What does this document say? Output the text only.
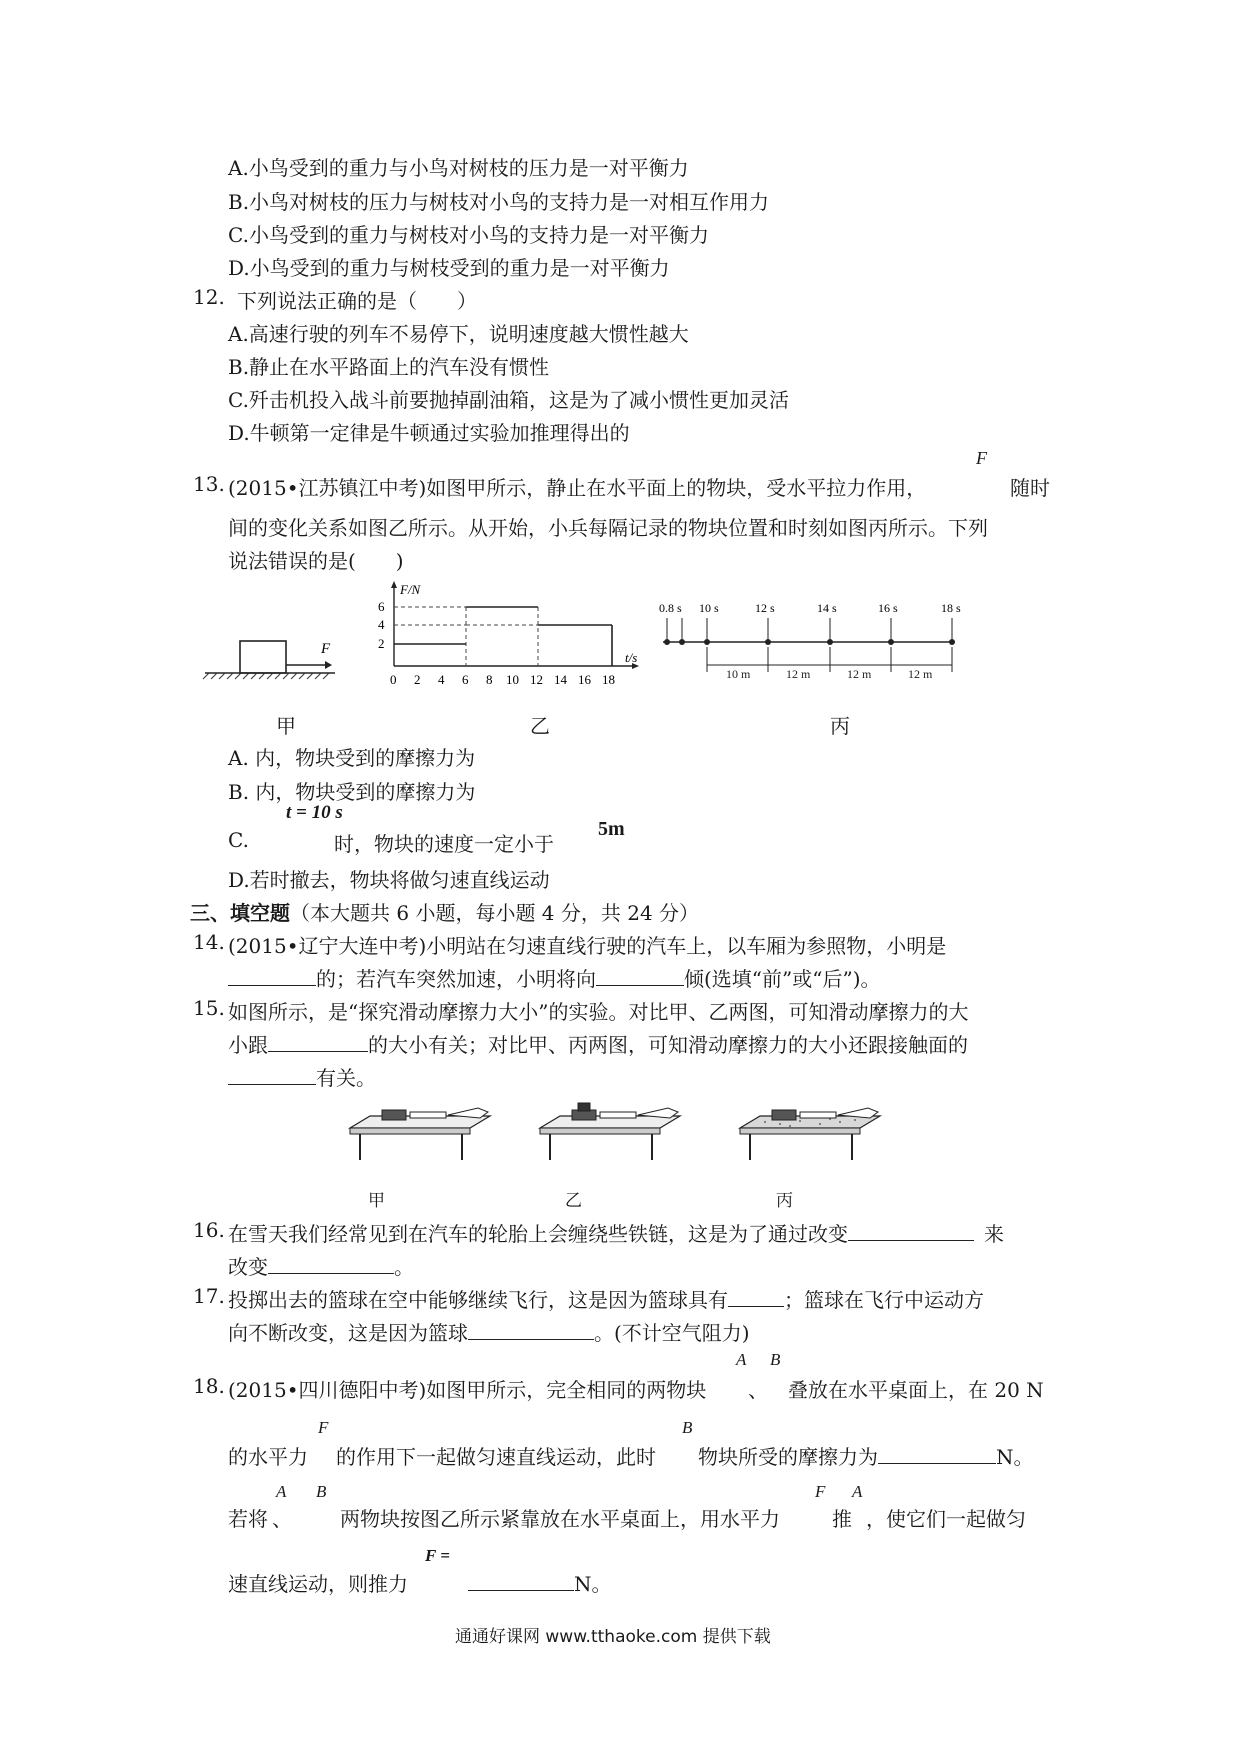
A.小鸟受到的重力与小鸟对树枝的压力是一对平衡力
B.小鸟对树枝的压力与树枝对小鸟的支持力是一对相互作用力
C.小鸟受到的重力与树枝对小鸟的支持力是一对平衡力
D.小鸟受到的重力与树枝受到的重力是一对平衡力
12. 下列说法正确的是（　　）
A.高速行驶的列车不易停下，说明速度越大惯性越大
B.静止在水平路面上的汽车没有惯性
C.歼击机投入战斗前要抛掉副油箱，这是为了减小惯性更加灵活
D.牛顿第一定律是牛顿通过实验加推理得出的
13. (2015•江苏镇江中考)如图甲所示，静止在水平面上的物块，受水平拉力作用，
F
随时
间的变化关系如图乙所示。从开始，小兵每隔记录的物块位置和时刻如图丙所示。下列
说法错误的是(　　)
F
F/N
t/s
6
4
2
0 2 4 6 8 10 12 14 16 18
0.8 s 10 s	12 s	14 s	16 s	18 s
10 m	12 m	12 m	12 m
甲	乙	丙
A. 内，物块受到的摩擦力为
B. 内，物块受到的摩擦力为
C.
t = 10 s
时，物块的速度一定小于
5m
D.若时撤去，物块将做匀速直线运动
三、填空题（本大题共 6 小题，每小题 4 分，共 24 分）
14. (2015•辽宁大连中考)小明站在匀速直线行驶的汽车上，以车厢为参照物，小明是
的；若汽车突然加速，小明将向	倾(选填“前”或“后”)。
15. 如图所示，是“探究滑动摩擦力大小”的实验。对比甲、乙两图，可知滑动摩擦力的大
小跟	的大小有关；对比甲、丙两图，可知滑动摩擦力的大小还跟接触面的
有关。
甲	乙	丙
16. 在雪天我们经常见到在汽车的轮胎上会缠绕些铁链，这是为了通过改变	来
改变	。
17. 投掷出去的篮球在空中能够继续飞行，这是因为篮球具有	；篮球在飞行中运动方
向不断改变，这是因为篮球	。(不计空气阻力)
18. (2015•四川德阳中考)如图甲所示，完全相同的两物块
A
、
B
叠放在水平桌面上，在 20 N
的水平力
F
的作用下一起做匀速直线运动，此时
B
物块所受的摩擦力为	N。
若将
A
、
B
两物块按图乙所示紧靠放在水平桌面上，用水平力
F
推
A
，使它们一起做匀
速直线运动，则推力
F =
N。
通通好课网 www.tthaoke.com 提供下载
